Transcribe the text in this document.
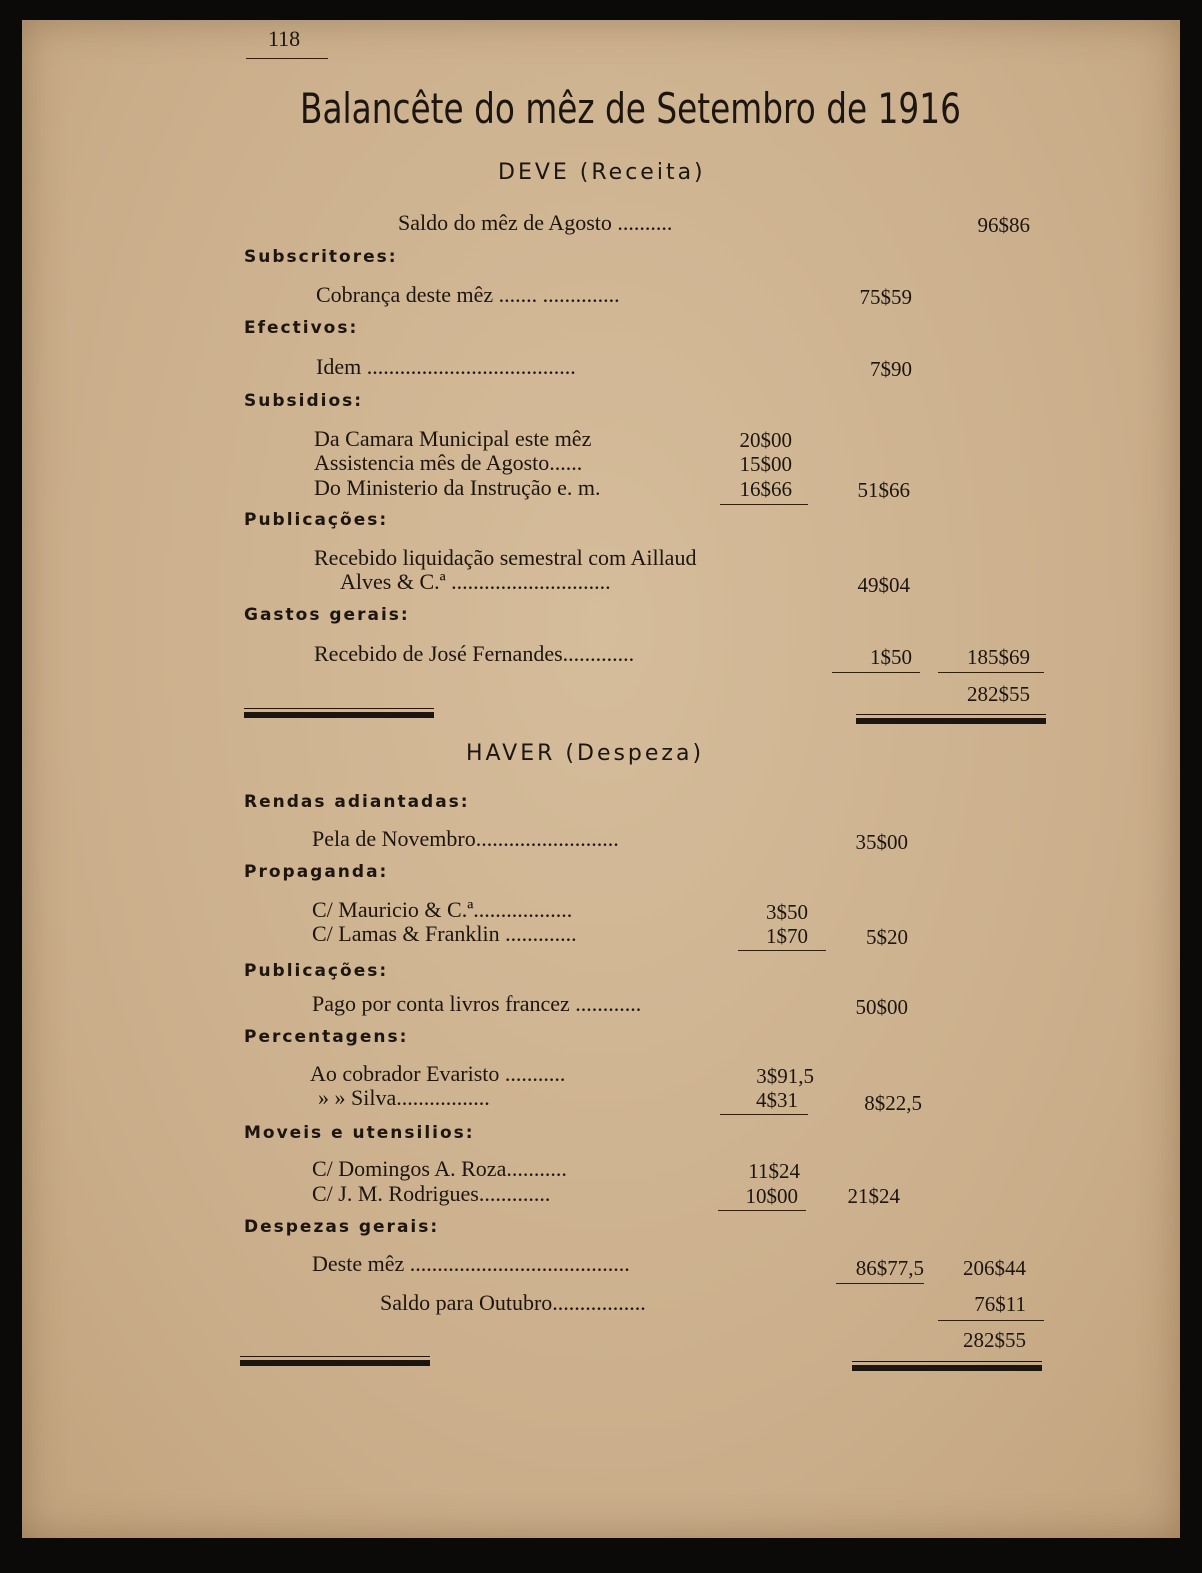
118
Balancête do mêz de Setembro de 1916
DEVE (Receita)
Saldo do mêz de Agosto ..........	96$86
Subscritores:
Cobrança deste mêz ....... ..............	75$59
Efectivos:
Idem ......................................	7$90
Subsidios:
Da Camara Municipal este mêz	20$00
Assistencia mês de Agosto......	15$00
Do Ministerio da Instrução e. m.	16$66	51$66
Publicações:
Recebido liquidação semestral com Aillaud
Alves & C.ª .............................	49$04
Gastos gerais:
Recebido de José Fernandes.............	1$50	185$69
282$55
HAVER (Despeza)
Rendas adiantadas:
Pela de Novembro..........................	35$00
Propaganda:
C/ Mauricio & C.ª..................	3$50
C/ Lamas & Franklin .............	1$70	5$20
Publicações:
Pago por conta livros francez ............	50$00
Percentagens:
Ao cobrador Evaristo ...........	3$91,5
» » Silva.................	4$31	8$22,5
Moveis e utensilios:
C/ Domingos A. Roza...........	11$24
C/ J. M. Rodrigues.............	10$00	21$24
Despezas gerais:
Deste mêz ........................................	86$77,5	206$44
Saldo para Outubro.................	76$11
282$55
